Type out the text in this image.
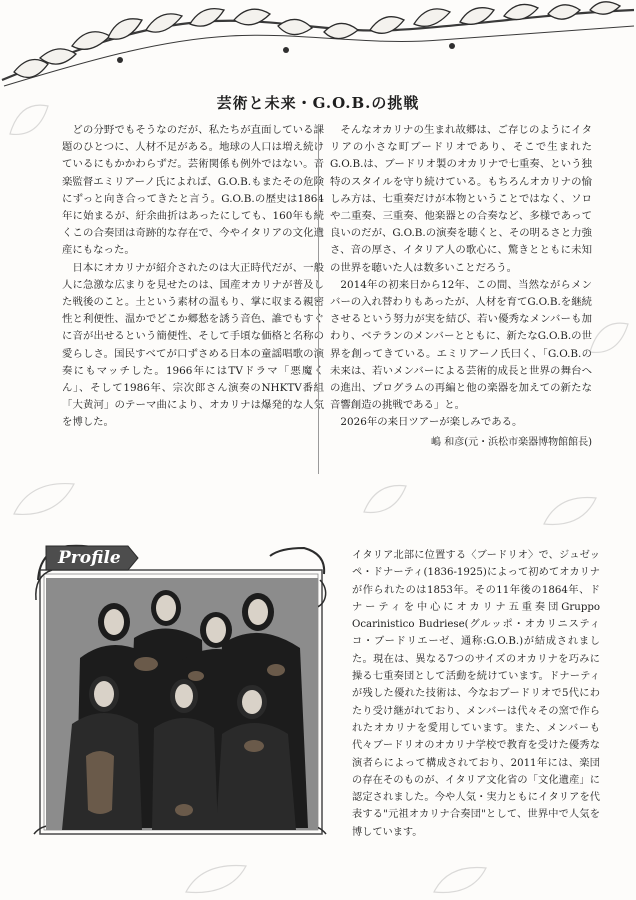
芸術と未来・G.O.B.の挑戦

どの分野でもそうなのだが、私たちが直面している課題のひとつに、人材不足がある。地球の人口は増え続けているにもかかわらずだ。芸術関係も例外ではない。音楽監督エミリアーノ氏によれば、G.O.B.もまたその危険にずっと向き合ってきたと言う。G.O.B.の歴史は1864年に始まるが、紆余曲折はあったにしても、160年も続くこの合奏団は奇跡的な存在で、今やイタリアの文化遺産にもなった。

日本にオカリナが紹介されたのは大正時代だが、一般人に急激な広まりを見せたのは、国産オカリナが普及した戦後のこと。土という素材の温もり、掌に収まる親密性と利便性、温かでどこか郷愁を誘う音色、誰でもすぐに音が出せるという簡便性、そして手頃な価格と名称の愛らしさ。国民すべてが口ずさめる日本の童謡唱歌の演奏にもマッチした。1966年にはTVドラマ「悪魔くん」、そして1986年、宗次郎さん演奏のNHKTV番組「大黄河」のテーマ曲により、オカリナは爆発的な人気を博した。

そんなオカリナの生まれ故郷は、ご存じのようにイタリアの小さな町ブードリオであり、そこで生まれたG.O.B.は、ブードリオ製のオカリナで七重奏、という独特のスタイルを守り続けている。もちろんオカリナの愉しみ方は、七重奏だけが本物ということではなく、ソロや二重奏、三重奏、他楽器との合奏など、多様であって良いのだが、G.O.B.の演奏を聴くと、その明るさと力強さ、音の厚さ、イタリア人の歌心に、驚きとともに未知の世界を聴いた人は数多いことだろう。

2014年の初来日から12年、この間、当然ながらメンバーの入れ替わりもあったが、人材を育てG.O.B.を継続させるという努力が実を結び、若い優秀なメンバーも加わり、ベテランのメンバーとともに、新たなG.O.B.の世界を創ってきている。エミリアーノ氏曰く、「G.O.B.の未来は、若いメンバーによる芸術的成長と世界の舞台への進出、プログラムの再編と他の楽器を加えての新たな音響創造の挑戦である」と。

2026年の来日ツアーが楽しみである。

嶋 和彦(元・浜松市楽器博物館館長)
Profile	イタリア北部に位置する〈ブードリオ〉で、ジュゼッペ・ドナーティ(1836-1925)によって初めてオカリナが作られたのは1853年。その11年後の1864年、ドナーティを中心にオカリナ五重奏団Gruppo Ocarinistico Budriese(グルッポ・オカリニスティコ・ブードリエーゼ、通称:G.O.B.)が結成されました。現在は、異なる7つのサイズのオカリナを巧みに操る七重奏団として活動を続けています。ドナーティが残した優れた技術は、今なおブードリオで5代にわたり受け継がれており、メンバーは代々その窯で作られたオカリナを愛用しています。また、メンバーも代々ブードリオのオカリナ学校で教育を受けた優秀な演者らによって構成されており、2011年には、楽団の存在そのものが、イタリア文化省の「文化遺産」に認定されました。今や人気・実力ともにイタリアを代表する"元祖オカリナ合奏団"として、世界中で人気を博しています。
